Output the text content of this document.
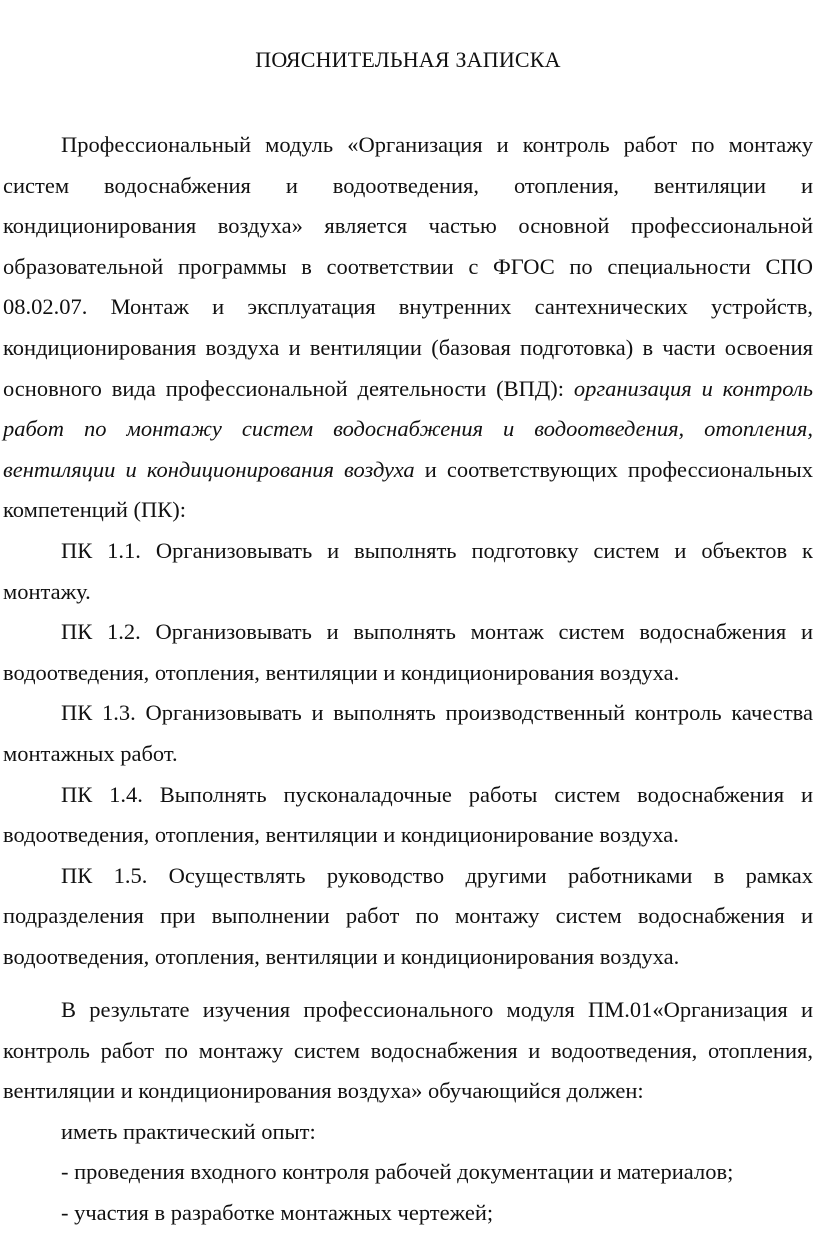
ПОЯСНИТЕЛЬНАЯ ЗАПИСКА

Профессиональный модуль «Организация и контроль работ по монтажу систем водоснабжения и водоотведения, отопления, вентиляции и кондиционирования воздуха» является частью основной профессиональной образовательной программы в соответствии с ФГОС по специальности СПО 08.02.07. Монтаж и эксплуатация внутренних сантехнических устройств, кондиционирования воздуха и вентиляции (базовая подготовка) в части освоения основного вида профессиональной деятельности (ВПД): организация и контроль работ по монтажу систем водоснабжения и водоотведения, отопления, вентиляции и кондиционирования воздуха и соответствующих профессиональных компетенций (ПК):

ПК 1.1. Организовывать и выполнять подготовку систем и объектов к монтажу.

ПК 1.2. Организовывать и выполнять монтаж систем водоснабжения и водоотведения, отопления, вентиляции и кондиционирования воздуха.

ПК 1.3. Организовывать и выполнять производственный контроль качества монтажных работ.

ПК 1.4. Выполнять пусконаладочные работы систем водоснабжения и водоотведения, отопления, вентиляции и кондиционирование воздуха.

ПК 1.5. Осуществлять руководство другими работниками в рамках подразделения при выполнении работ по монтажу систем водоснабжения и водоотведения, отопления, вентиляции и кондиционирования воздуха.

В результате изучения профессионального модуля ПМ.01«Организация и контроль работ по монтажу систем водоснабжения и водоотведения, отопления, вентиляции и кондиционирования воздуха» обучающийся должен:

иметь практический опыт:

- проведения входного контроля рабочей документации и материалов;

- участия в разработке монтажных чертежей;
